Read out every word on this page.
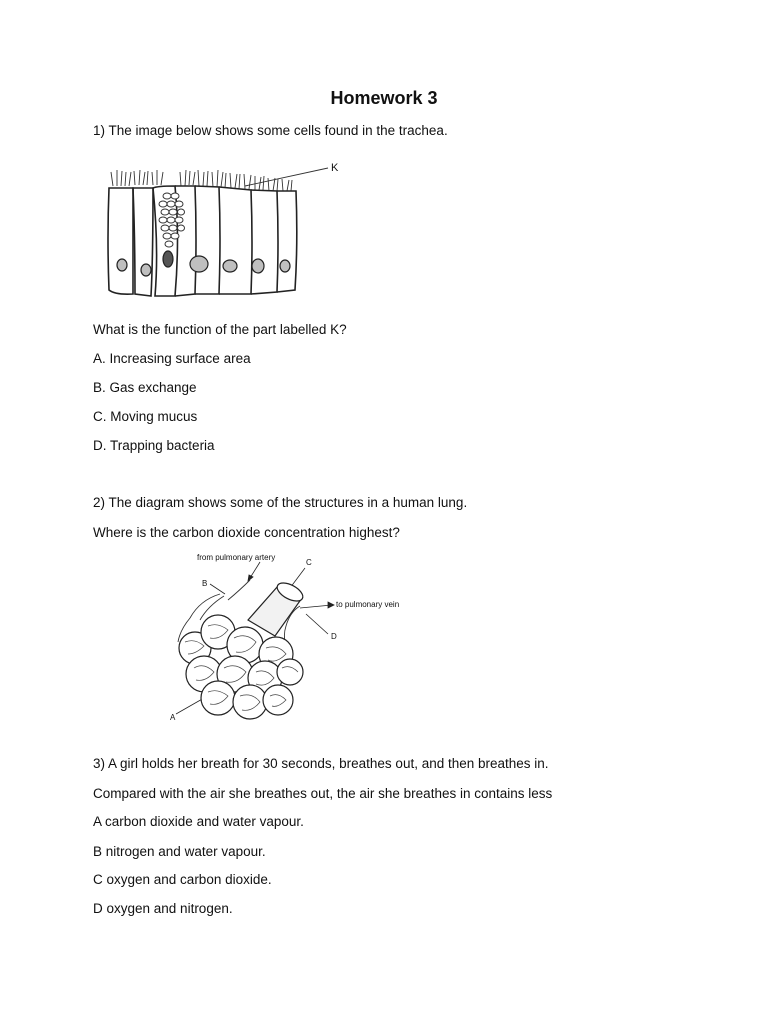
Homework 3
1) The image below shows some cells found in the trachea.
K
What is the function of the part labelled K?
A. Increasing surface area
B. Gas exchange
C. Moving mucus
D. Trapping bacteria
2) The diagram shows some of the structures in a human lung.
Where is the carbon dioxide concentration highest?
from pulmonary artery
C
B
to pulmonary vein
D
A
3) A girl holds her breath for 30 seconds, breathes out, and then breathes in.
Compared with the air she breathes out, the air she breathes in contains less
A carbon dioxide and water vapour.
B nitrogen and water vapour.
C oxygen and carbon dioxide.
D oxygen and nitrogen.
